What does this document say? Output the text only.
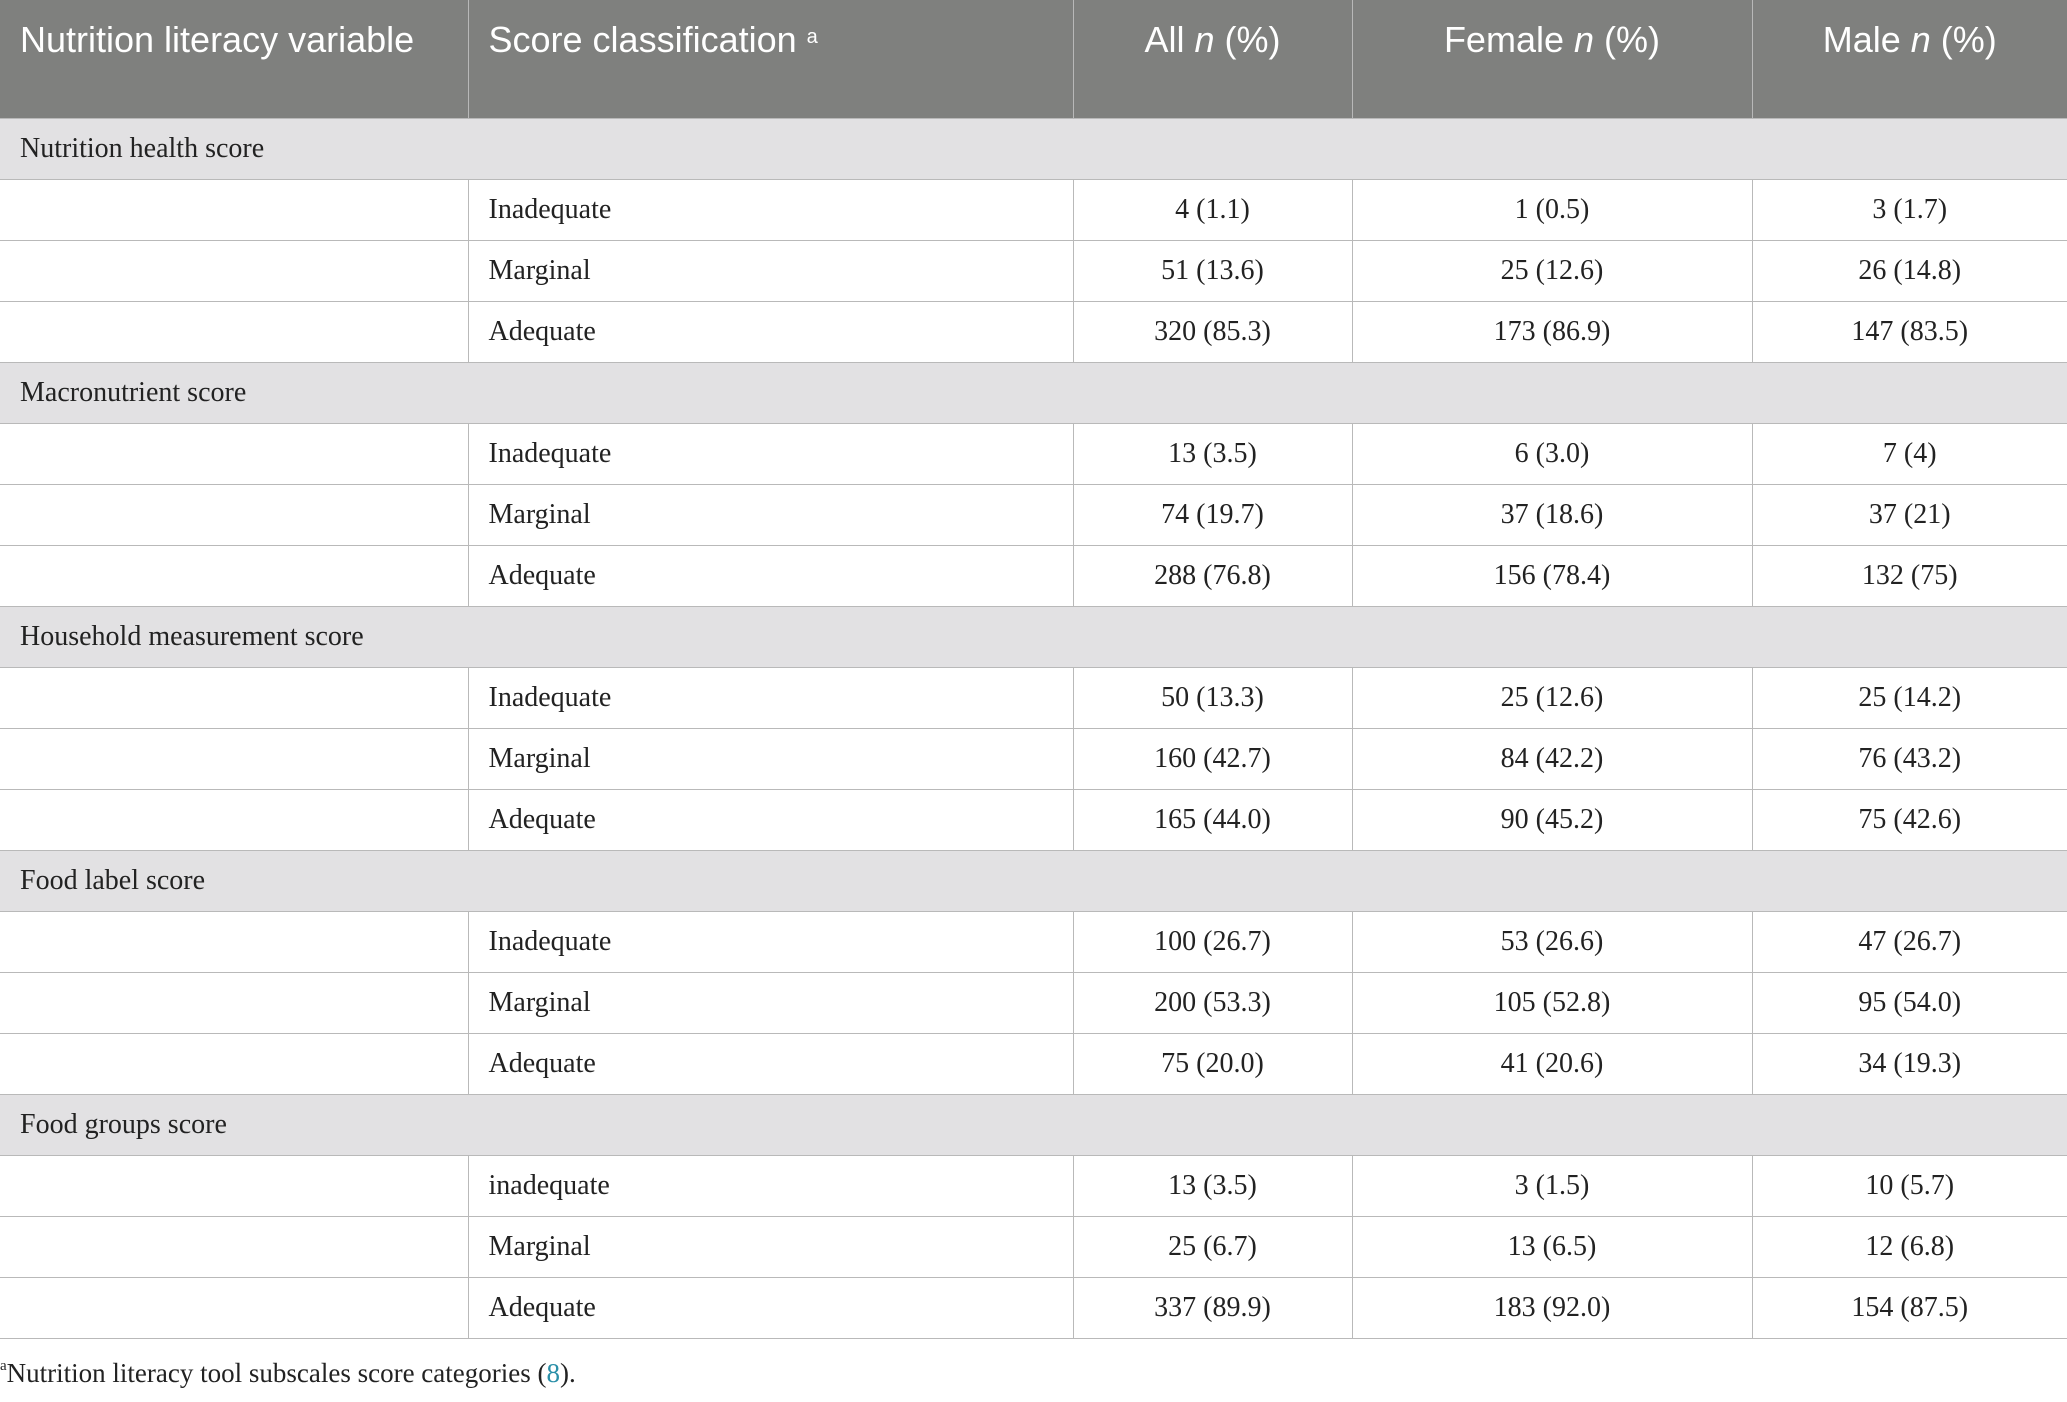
Nutrition literacy variable	Score classification $^a$	All n (%)	Female n (%)	Male n (%)
Nutrition health score				
	Inadequate	4 (1.1)	1 (0.5)	3 (1.7)
	Marginal	51 (13.6)	25 (12.6)	26 (14.8)
	Adequate	320 (85.3)	173 (86.9)	147 (83.5)
Macronutrient score				
	Inadequate	13 (3.5)	6 (3.0)	7 (4)
	Marginal	74 (19.7)	37 (18.6)	37 (21)
	Adequate	288 (76.8)	156 (78.4)	132 (75)
Household measurement score				
	Inadequate	50 (13.3)	25 (12.6)	25 (14.2)
	Marginal	160 (42.7)	84 (42.2)	76 (43.2)
	Adequate	165 (44.0)	90 (45.2)	75 (42.6)
Food label score				
	Inadequate	100 (26.7)	53 (26.6)	47 (26.7)
	Marginal	200 (53.3)	105 (52.8)	95 (54.0)
	Adequate	75 (20.0)	41 (20.6)	34 (19.3)
Food groups score				
	inadequate	13 (3.5)	3 (1.5)	10 (5.7)
	Marginal	25 (6.7)	13 (6.5)	12 (6.8)
	Adequate	337 (89.9)	183 (92.0)	154 (87.5)
$^a$Nutrition literacy tool subscales score categories (8).
